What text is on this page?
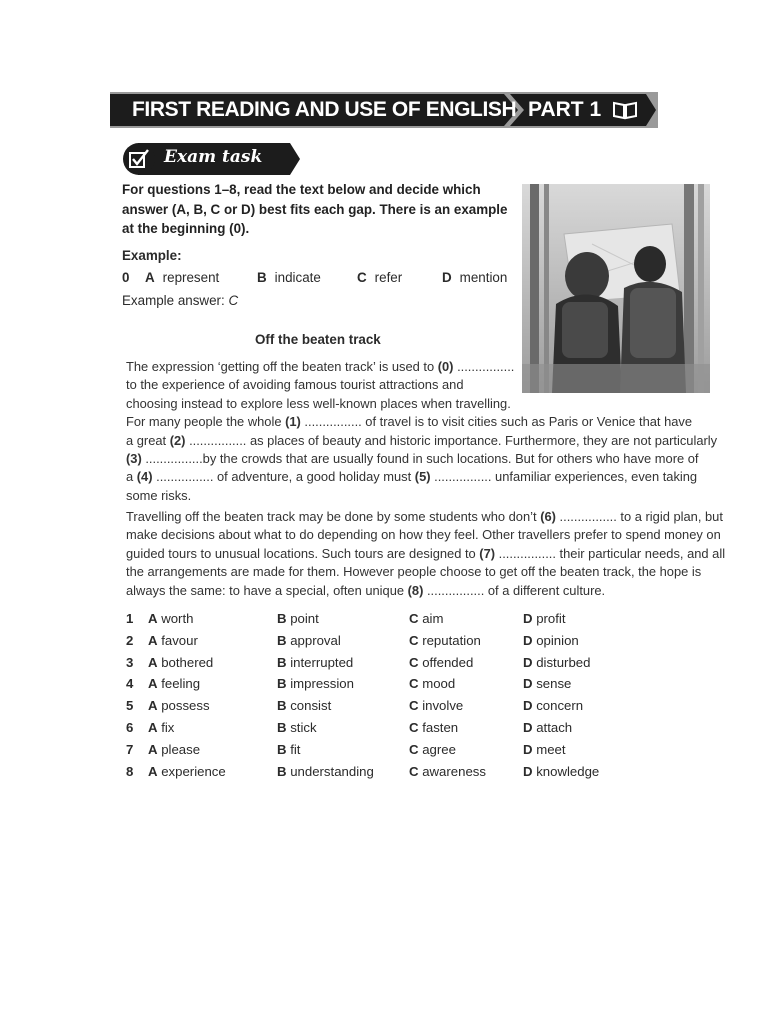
FIRST READING AND USE OF ENGLISH PART 1
Exam task
For questions 1–8, read the text below and decide which
answer (A, B, C or D) best fits each gap. There is an example
at the beginning (0).
Example:
0	A represent	B indicate	C refer	D mention
Example answer: C
Off the beaten track
The expression ‘getting off the beaten track’ is used to (0) ................
to the experience of avoiding famous tourist attractions and
choosing instead to explore less well-known places when travelling.
For many people the whole (1) ................ of travel is to visit cities such as Paris or Venice that have
a great (2) ................ as places of beauty and historic importance. Furthermore, they are not particularly
(3) ................by the crowds that are usually found in such locations. But for others who have more of
a (4) ................ of adventure, a good holiday must (5) ................ unfamiliar experiences, even taking
some risks.
Travelling off the beaten track may be done by some students who don’t (6) ................ to a rigid plan, but
make decisions about what to do depending on how they feel. Other travellers prefer to spend money on
guided tours to unusual locations. Such tours are designed to (7) ................ their particular needs, and all
the arrangements are made for them. However people choose to get off the beaten track, the hope is
always the same: to have a special, often unique (8) ................ of a different culture.
1 A worth	B point	C aim	D profit
2 A favour	B approval	C reputation	D opinion
3 A bothered	B interrupted	C offended	D disturbed
4 A feeling	B impression	C mood	D sense
5 A possess	B consist	C involve	D concern
6 A fix	B stick	C fasten	D attach
7 A please	B fit	C agree	D meet
8 A experience	B understanding	C awareness	D knowledge
